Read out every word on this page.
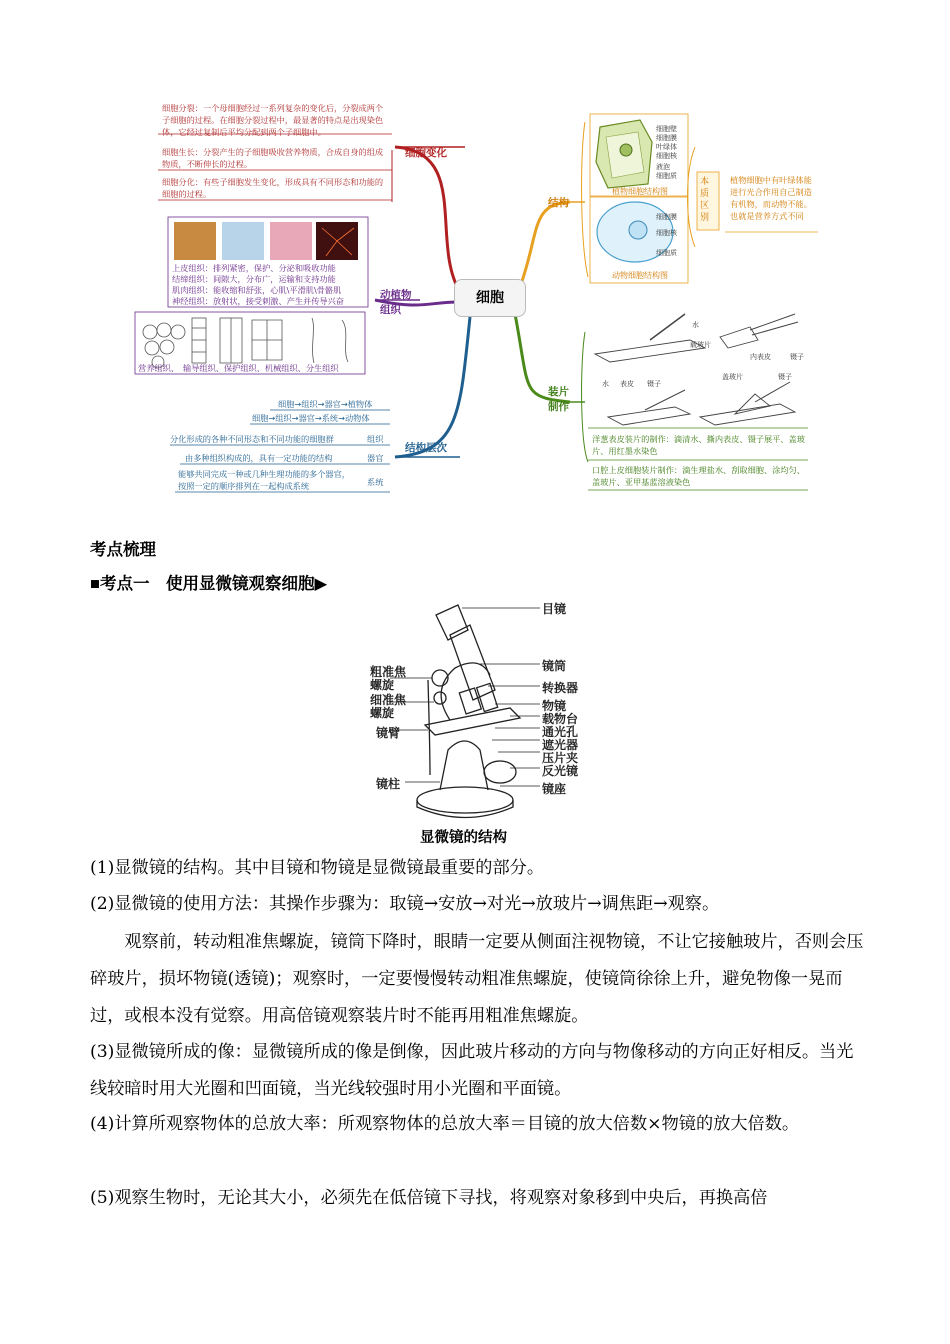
细胞
细胞变化
动植物组织
结构层次
结构
装片制作
细胞分裂：一个母细胞经过一系列复杂的变化后，分裂成两个子细胞的过程。在细胞分裂过程中，最显著的特点是出现染色体，它经过复制后平均分配到两个子细胞中。
细胞生长：分裂产生的子细胞吸收营养物质，合成自身的组成物质，不断伸长的过程。
细胞分化：有些子细胞发生变化，形成具有不同形态和功能的细胞的过程。
上皮组织：排列紧密，保护、分泌和吸收功能
结缔组织：间隙大，分布广，运输和支持功能
肌肉组织：能收缩和舒张，心肌\平滑肌\骨骼肌
神经组织：放射状，接受刺激、产生并传导兴奋
营养组织、　输导组织、保护组织、机械组织、分生组织
细胞→组织→器官→植物体
细胞→组织→器官→系统→动物体
分化形成的各种不同形态和不同功能的细胞群	组织
由多种组织构成的，具有一定功能的结构	器官
能够共同完成一种或几种生理功能的多个器官，按照一定的顺序排列在一起构成系统	系统
植物细胞结构图
动物细胞结构图
细胞壁
细胞膜
叶绿体
细胞核
液泡
细胞质
细胞膜
细胞核
细胞质
本质区别
植物细胞中有叶绿体能进行光合作用自己制造有机物，而动物不能。也就是营养方式不同
水
载玻片
内表皮	镊子
水 表皮 镊子
盖玻片	镊子
洋葱表皮装片的制作：滴清水、撕内表皮、镊子展平、盖玻片、用红墨水染色
口腔上皮细胞装片制作：滴生理盐水、刮取细胞、涂均匀、盖玻片、亚甲基蓝溶液染色
考点梳理
■考点一　使用显微镜观察细胞▶
目镜
镜筒
转换器
物镜
载物台
通光孔
遮光器
压片夹
反光镜
镜座
粗准焦螺旋
细准焦螺旋
镜臂
镜柱
显微镜的结构
(1)显微镜的结构。其中目镜和物镜是显微镜最重要的部分。
(2)显微镜的使用方法：其操作步骤为：取镜→安放→对光→放玻片→调焦距→观察。
　　观察前，转动粗准焦螺旋，镜筒下降时，眼睛一定要从侧面注视物镜，不让它接触玻片，否则会压碎玻片，损坏物镜(透镜)；观察时，一定要慢慢转动粗准焦螺旋，使镜筒徐徐上升，避免物像一晃而过，或根本没有觉察。用高倍镜观察装片时不能再用粗准焦螺旋。
(3)显微镜所成的像：显微镜所成的像是倒像，因此玻片移动的方向与物像移动的方向正好相反。当光线较暗时用大光圈和凹面镜，当光线较强时用小光圈和平面镜。
(4)计算所观察物体的总放大率：所观察物体的总放大率＝目镜的放大倍数×物镜的放大倍数。
(5)观察生物时，无论其大小，必须先在低倍镜下寻找，将观察对象移到中央后，再换高倍
